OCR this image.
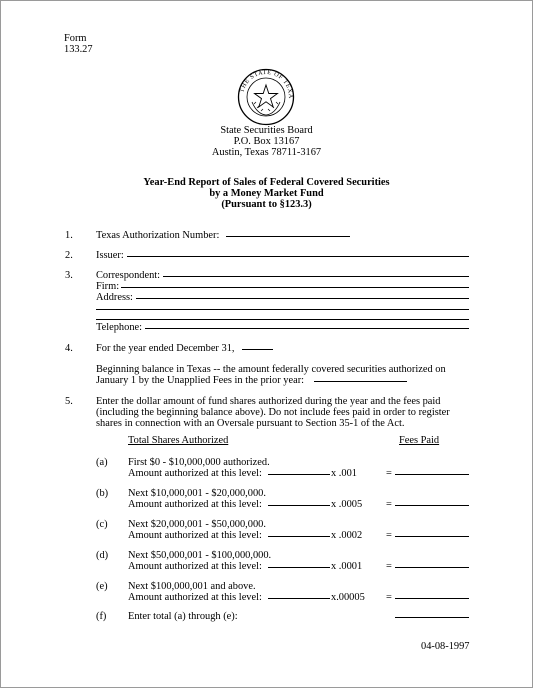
Form
133.27
THE STATE OF TEXA
State Securities Board
P.O. Box 13167
Austin, Texas 78711-3167
Year-End Report of Sales of Federal Covered Securities
by a Money Market Fund
(Pursuant to §123.3)
1. Texas Authorization Number:
2. Issuer:
3. Correspondent:
Firm:
Address:
Telephone:
4. For the year ended December 31,
Beginning balance in Texas -- the amount federally covered securities authorized on
January 1 by the Unapplied Fees in the prior year:
5. Enter the dollar amount of fund shares authorized during the year and the fees paid
(including the beginning balance above). Do not include fees paid in order to register
shares in connection with an Oversale pursuant to Section 35-1 of the Act.
Total Shares Authorized	Fees Paid
(a) First $0 - $10,000,000 authorized.
Amount authorized at this level:	x .001	=
(b) Next $10,000,001 - $20,000,000.
Amount authorized at this level:	x .0005 =
(c) Next $20,000,001 - $50,000,000.
Amount authorized at this level:	x .0002 =
(d) Next $50,000,001 - $100,000,000.
Amount authorized at this level:	x .0001 =
(e) Next $100,000,001 and above.
Amount authorized at this level:	x.00005 =
(f) Enter total (a) through (e):
04-08-1997
